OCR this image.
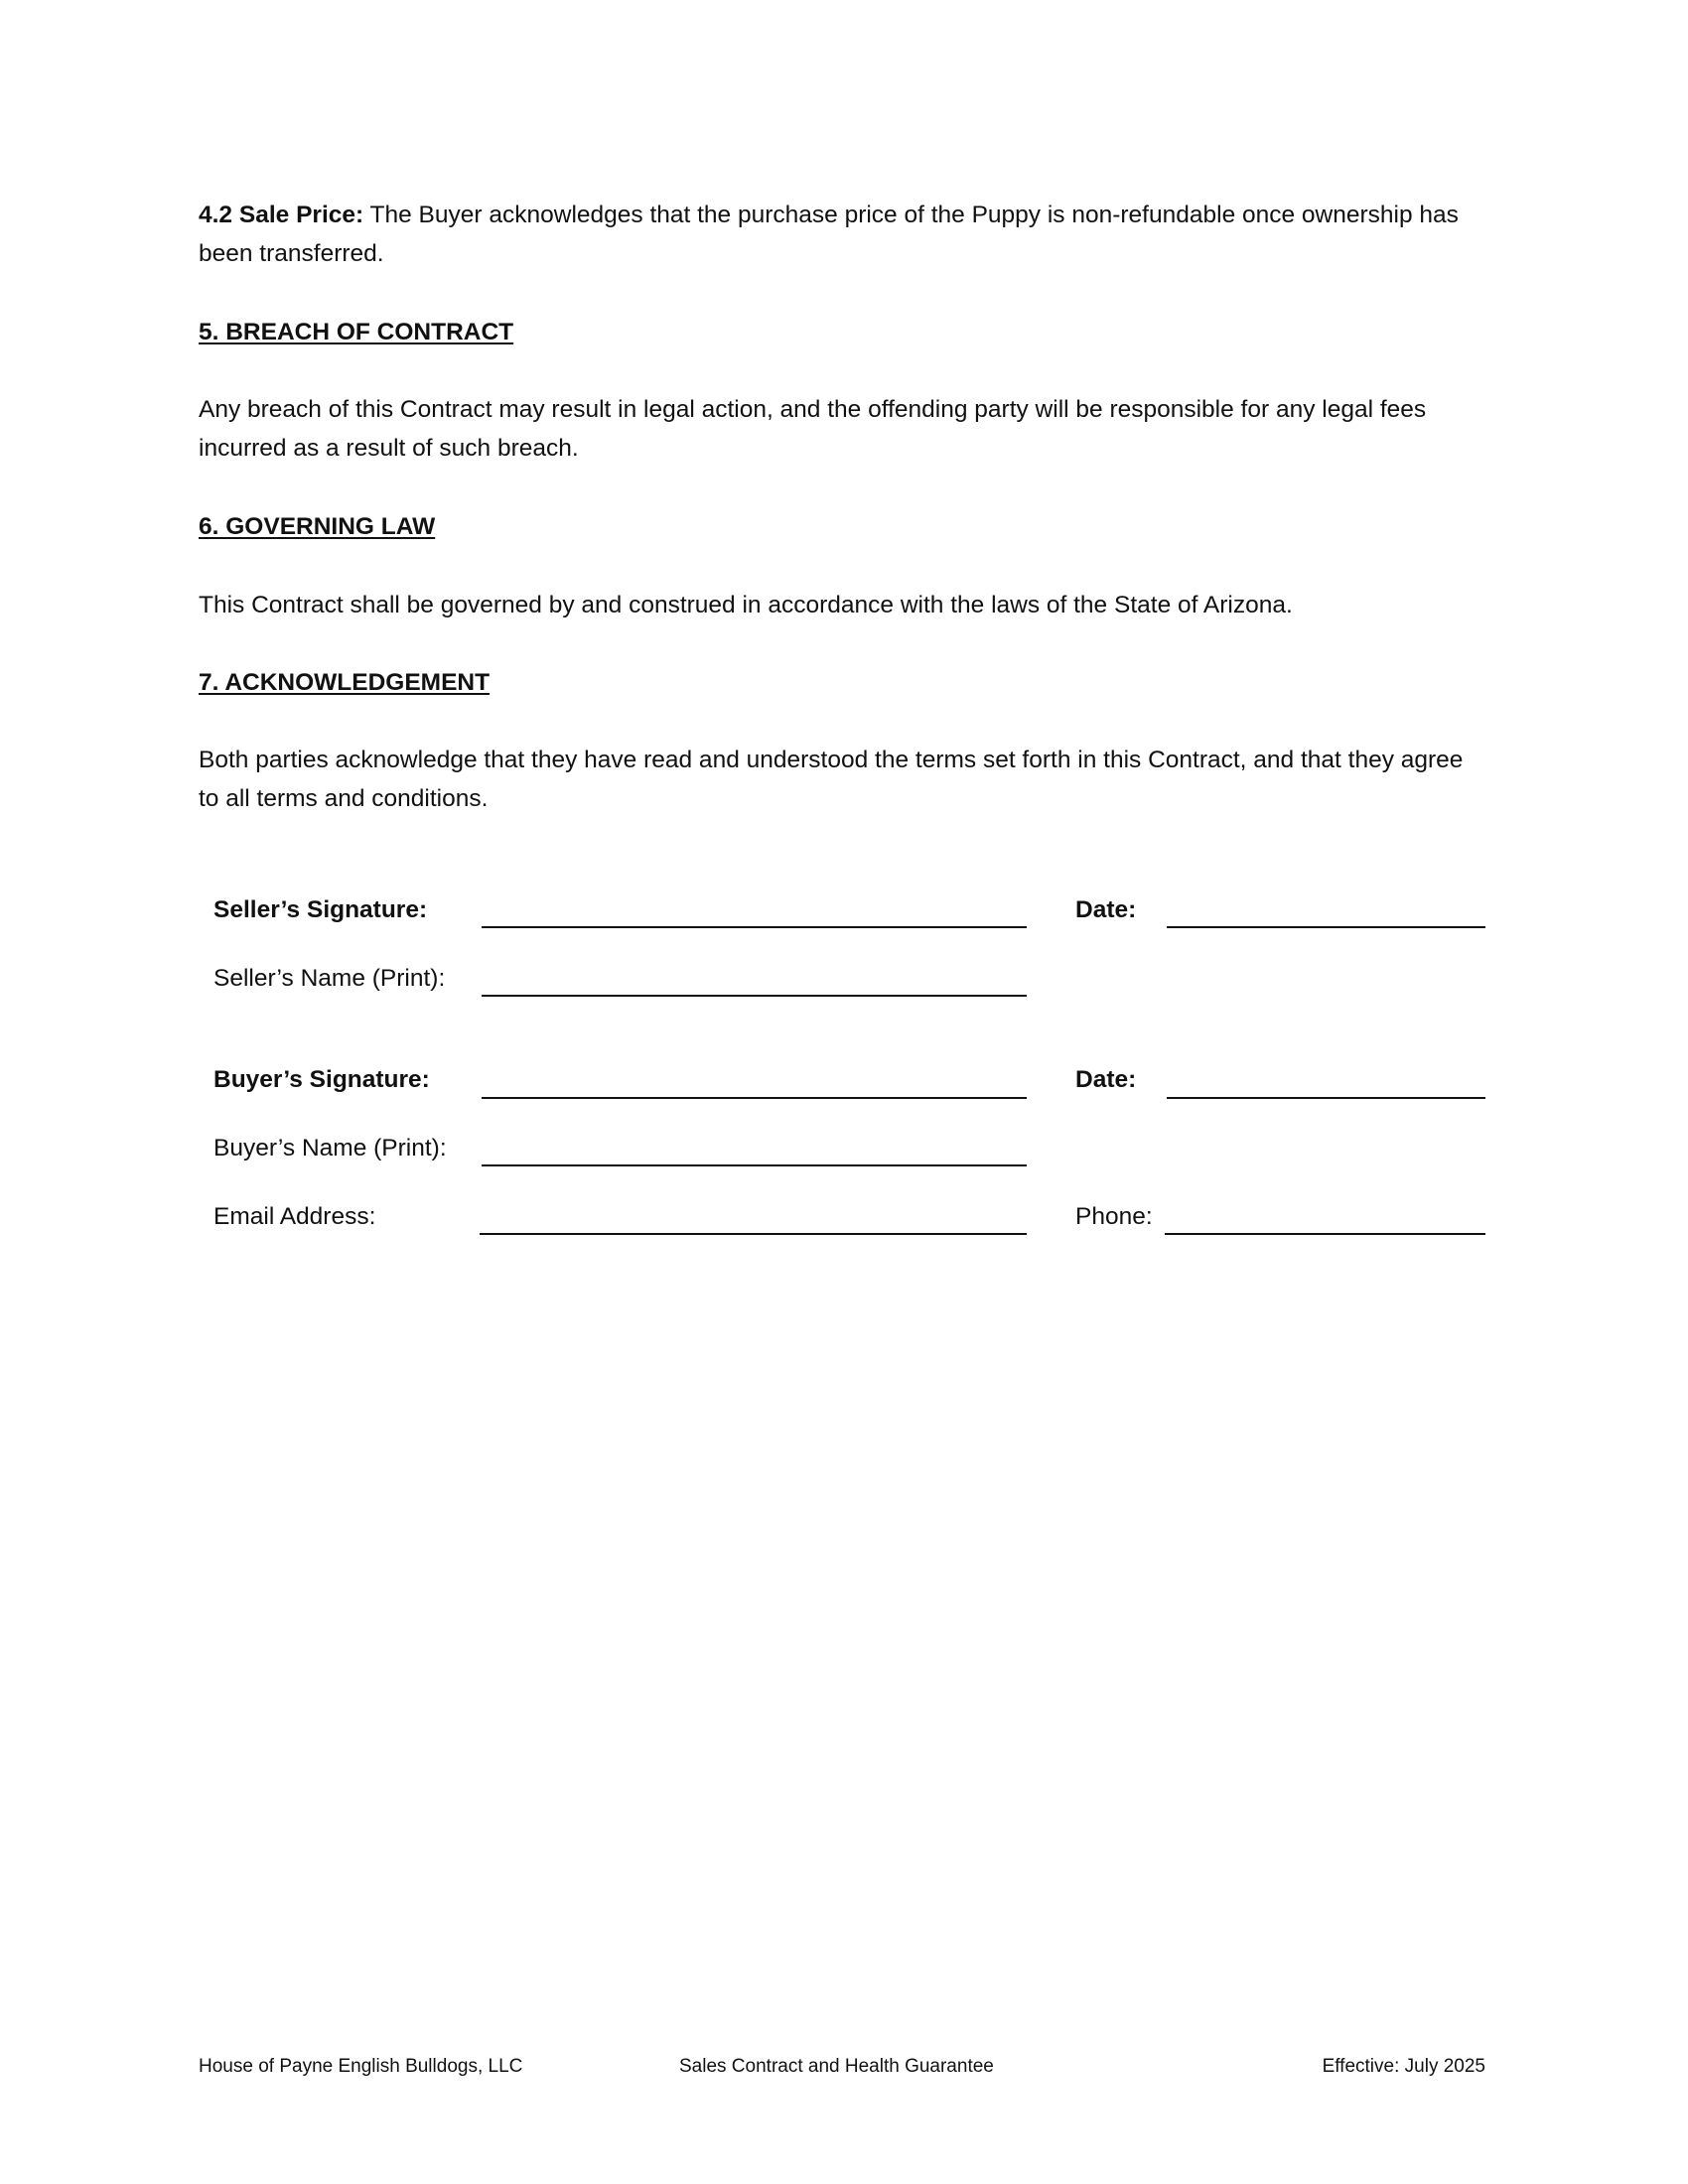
4.2 Sale Price: The Buyer acknowledges that the purchase price of the Puppy is non-refundable once ownership has been transferred.

5. BREACH OF CONTRACT

Any breach of this Contract may result in legal action, and the offending party will be responsible for any legal fees incurred as a result of such breach.

6. GOVERNING LAW

This Contract shall be governed by and construed in accordance with the laws of the State of Arizona.

7. ACKNOWLEDGEMENT

Both parties acknowledge that they have read and understood the terms set forth in this Contract, and that they agree to all terms and conditions.

Seller’s Signature:	Date:
Seller’s Name (Print):
Buyer’s Signature:	Date:
Buyer’s Name (Print):
Email Address:	Phone:
House of Payne English Bulldogs, LLC	Sales Contract and Health Guarantee	Effective: July 2025
